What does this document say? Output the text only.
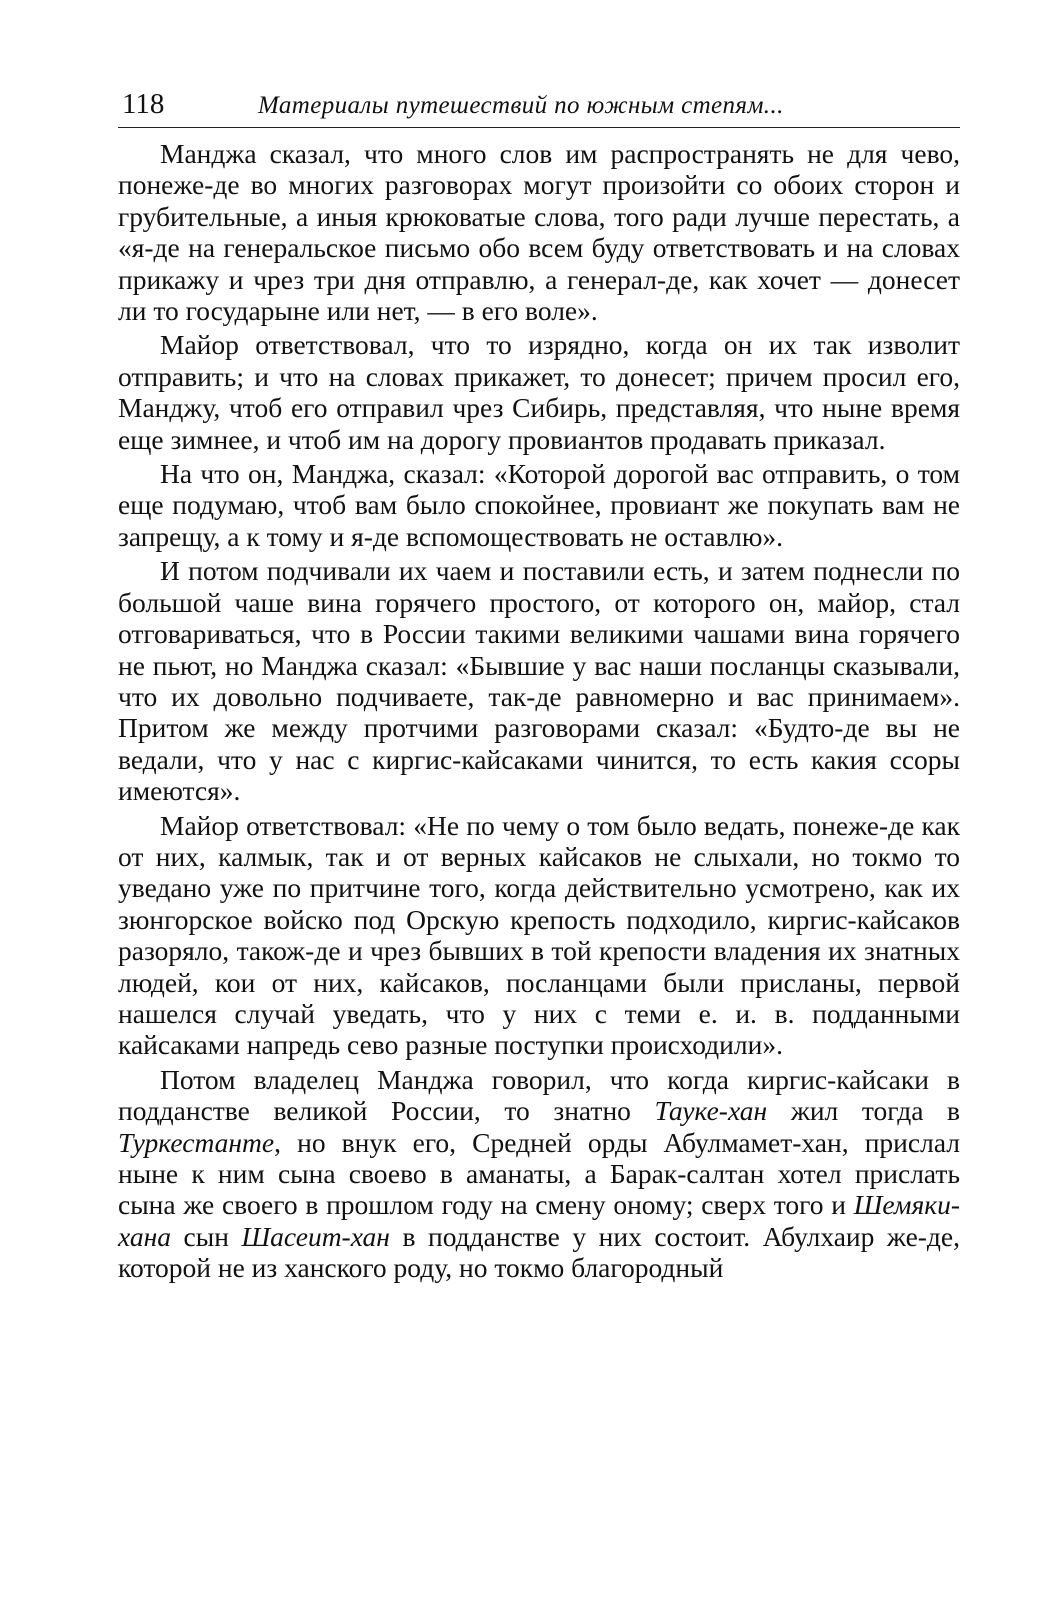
118	Материалы путешествий по южным степям...

Манджа сказал, что много слов им распространять не для чево, понеже-де во многих разговорах могут произойти со обоих сторон и грубительные, а иныя крюковатые слова, того ради лучше перестать, а «я-де на генеральское письмо обо всем буду ответствовать и на словах прикажу и чрез три дня отправлю, а генерал-де, как хочет — донесет ли то государыне или нет, — в его воле».

Майор ответствовал, что то изрядно, когда он их так изволит отправить; и что на словах прикажет, то донесет; причем просил его, Манджу, чтоб его отправил чрез Сибирь, представляя, что ныне время еще зимнее, и чтоб им на дорогу провиантов продавать приказал.

На что он, Манджа, сказал: «Которой дорогой вас отправить, о том еще подумаю, чтоб вам было спокойнее, провиант же покупать вам не запрещу, а к тому и я-де вспомоществовать не оставлю».

И потом подчивали их чаем и поставили есть, и затем поднесли по большой чаше вина горячего простого, от которого он, майор, стал отговариваться, что в России такими великими чашами вина горячего не пьют, но Манджа сказал: «Бывшие у вас наши посланцы сказывали, что их довольно подчиваете, так-де равномерно и вас принимаем». Притом же между протчими разговорами сказал: «Будто-де вы не ведали, что у нас с киргис-кайсаками чинится, то есть какия ссоры имеются».

Майор ответствовал: «Не по чему о том было ведать, понеже-де как от них, калмык, так и от верных кайсаков не слыхали, но токмо то уведано уже по притчине того, когда действительно усмотрено, как их зюнгорское войско под Орскую крепость подходило, киргис-кайсаков разоряло, також-де и чрез бывших в той крепости владения их знатных людей, кои от них, кайсаков, посланцами были присланы, первой нашелся случай уведать, что у них с теми е. и. в. подданными кайсаками напредь сево разные поступки происходили».

Потом владелец Манджа говорил, что когда киргис-кайсаки в подданстве великой России, то знатно Тауке-хан жил тогда в Туркестанте, но внук его, Средней орды Абулмамет-хан, прислал ныне к ним сына своево в аманаты, а Барак-салтан хотел прислать сына же своего в прошлом году на смену оному; сверх того и Шемяки-хана сын Шасеит-хан в подданстве у них состоит. Абулхаир же-де, которой не из ханского роду, но токмо благородный
